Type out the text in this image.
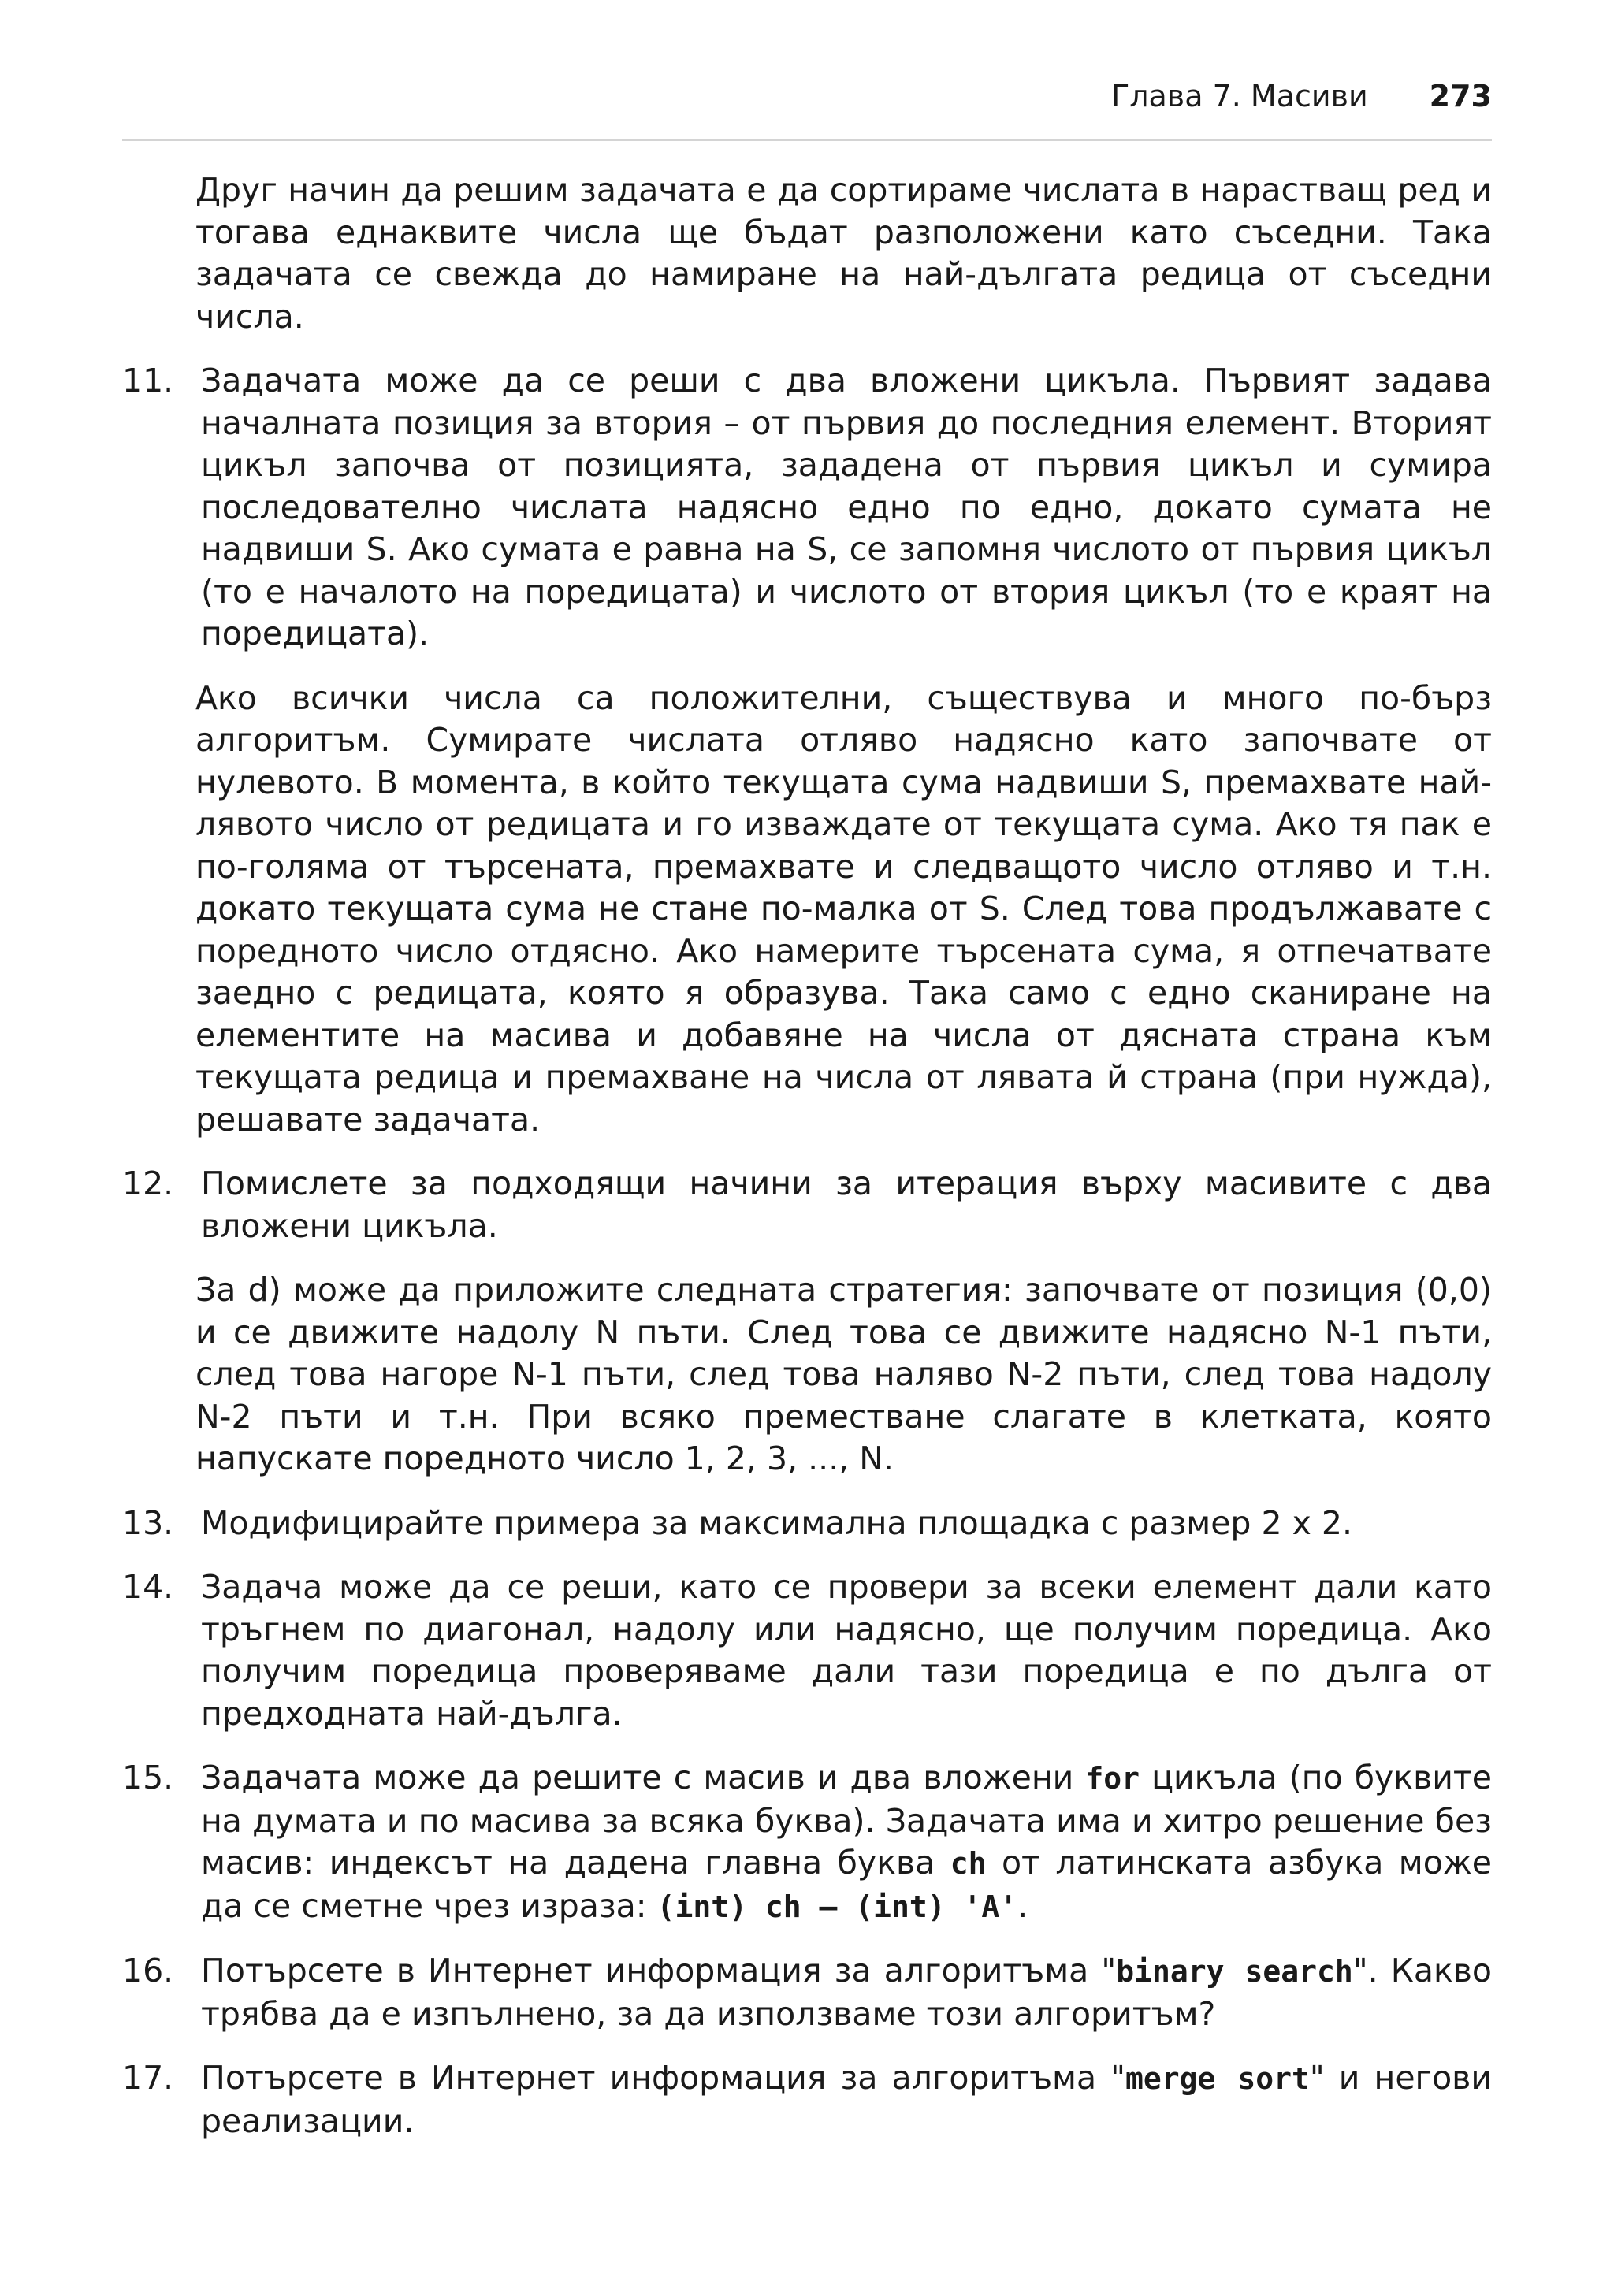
Глава 7. Масиви 273

Друг начин да решим задачата е да сортираме числата в нарастващ ред и тогава еднаквите числа ще бъдат разположени като съседни. Така задачата се свежда до намиране на най-дългата редица от съседни числа.

11. Задачата може да се реши с два вложени цикъла. Първият задава началната позиция за втория – от първия до последния елемент. Вторият цикъл започва от позицията, зададена от първия цикъл и сумира последователно числата надясно едно по едно, докато сумата не надвиши S. Ако сумата е равна на S, се запомня числото от първия цикъл (то е началото на поредицата) и числото от втория цикъл (то е краят на поредицата).

Ако всички числа са положителни, съществува и много по-бърз алгоритъм. Сумирате числата отляво надясно като започвате от нулевото. В момента, в който текущата сума надвиши S, премахвате най-лявото число от редицата и го изваждате от текущата сума. Ако тя пак е по-голяма от търсената, премахвате и следващото число отляво и т.н. докато текущата сума не стане по-малка от S. След това продължавате с поредното число отдясно. Ако намерите търсената сума, я отпечатвате заедно с редицата, която я образува. Така само с едно сканиране на елементите на масива и добавяне на числа от дясната страна към текущата редица и премахване на числа от лявата й страна (при нужда), решавате задачата.

12. Помислете за подходящи начини за итерация върху масивите с два вложени цикъла.

За d) може да приложите следната стратегия: започвате от позиция (0,0) и се движите надолу N пъти. След това се движите надясно N-1 пъти, след това нагоре N-1 пъти, след това наляво N-2 пъти, след това надолу N-2 пъти и т.н. При всяко преместване слагате в клетката, която напускате поредното число 1, 2, 3, ..., N.

13. Модифицирайте примера за максимална площадка с размер 2 x 2.

14. Задача може да се реши, като се провери за всеки елемент дали като тръгнем по диагонал, надолу или надясно, ще получим поредица. Ако получим поредица проверяваме дали тази поредица е по дълга от предходната най-дълга.

15. Задачата може да решите с масив и два вложени for цикъла (по буквите на думата и по масива за всяка буква). Задачата има и хитро решение без масив: индексът на дадена главна буква ch от латинската азбука може да се сметне чрез израза: (int) ch – (int) 'A'.

16. Потърсете в Интернет информация за алгоритъма "binary search". Какво трябва да е изпълнено, за да използваме този алгоритъм?

17. Потърсете в Интернет информация за алгоритъма "merge sort" и негови реализации.
